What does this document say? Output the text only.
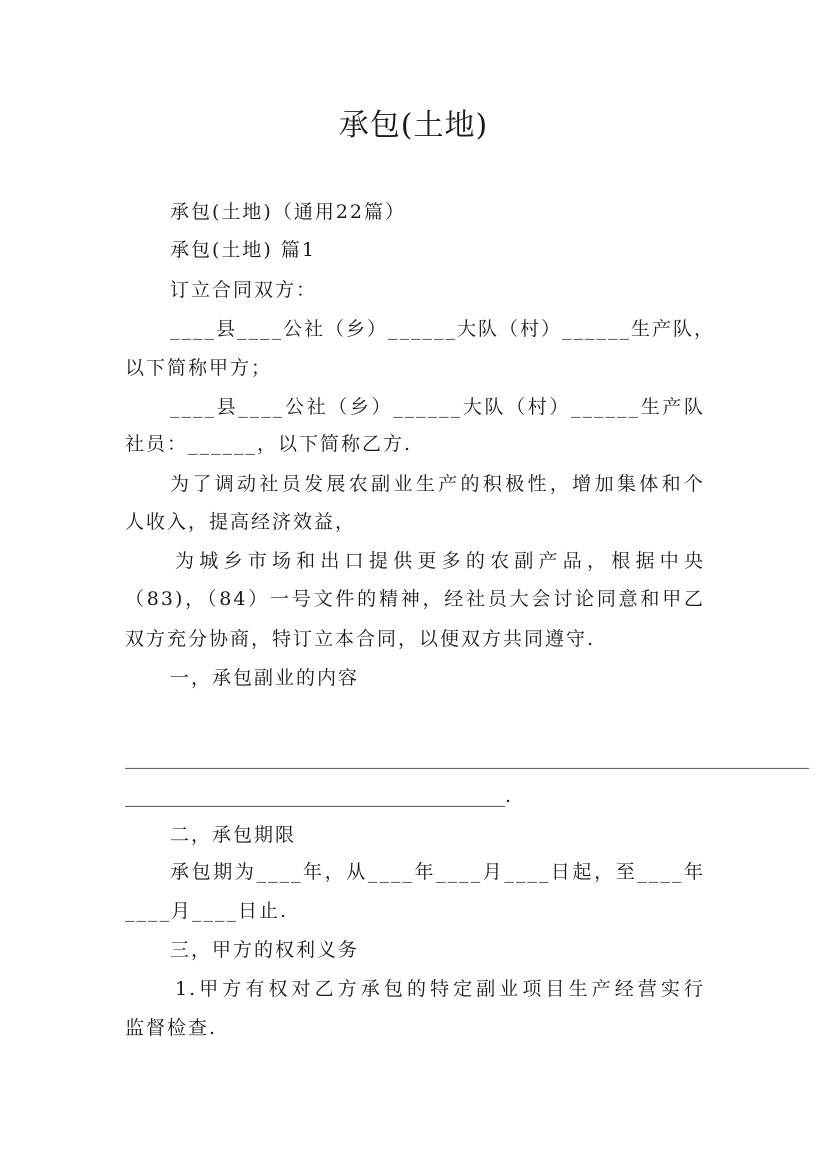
承包(土地)
承包(土地)（通用22篇）
承包(土地) 篇1
订立合同双方：
____县____公社（乡）______大队（村）______生产队，
以下简称甲方；
____县____公社（乡）______大队（村）______生产队
社员：______，以下简称乙方.
为了调动社员发展农副业生产的积极性，增加集体和个
人收入，提高经济效益，
为城乡市场和出口提供更多的农副产品，根据中央
（83)，（84）一号文件的精神，经社员大会讨论同意和甲乙
双方充分协商，特订立本合同，以便双方共同遵守.
一，承包副业的内容
________________________________________________________________________
________________________________________.
二，承包期限
承包期为____年，从____年____月____日起，至____年
____月____日止.
三，甲方的权利义务
1.甲方有权对乙方承包的特定副业项目生产经营实行
监督检查.
